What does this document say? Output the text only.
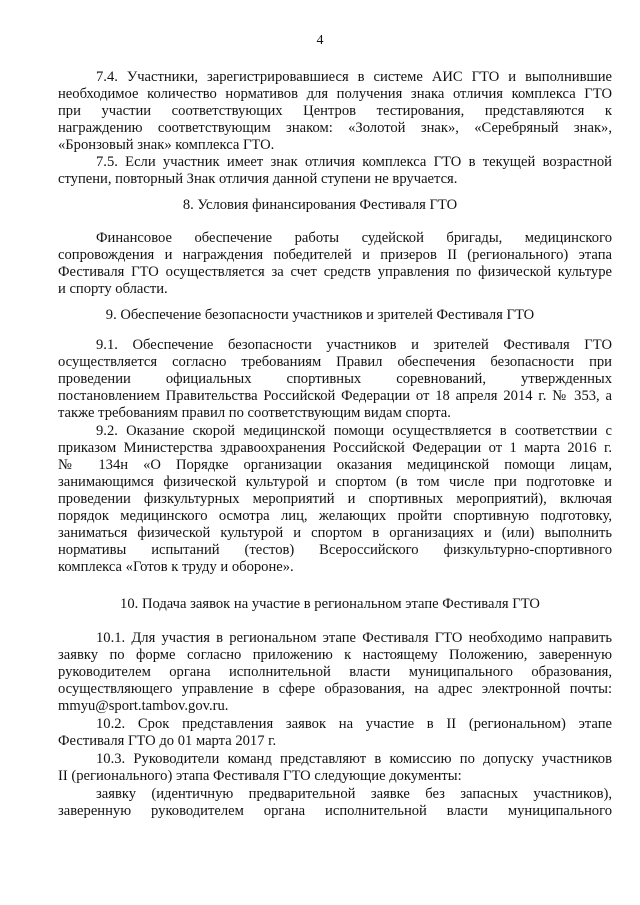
4
7.4. Участники, зарегистрировавшиеся в системе АИС ГТО и выполнившие
необходимое количество нормативов для получения знака отличия комплекса ГТО
при участии соответствующих Центров тестирования, представляются к
награждению соответствующим знаком: «Золотой знак», «Серебряный знак»,
«Бронзовый знак» комплекса ГТО.
7.5. Если участник имеет знак отличия комплекса ГТО в текущей возрастной
ступени, повторный Знак отличия данной ступени не вручается.
8. Условия финансирования Фестиваля ГТО
Финансовое обеспечение работы судейской бригады, медицинского
сопровождения и награждения победителей и призеров II (регионального) этапа
Фестиваля ГТО осуществляется за счет средств управления по физической культуре
и спорту области.
9. Обеспечение безопасности участников и зрителей Фестиваля ГТО
9.1. Обеспечение безопасности участников и зрителей Фестиваля ГТО
осуществляется согласно требованиям Правил обеспечения безопасности при
проведении официальных спортивных соревнований, утвержденных
постановлением Правительства Российской Федерации от 18 апреля 2014 г. № 353, а
также требованиям правил по соответствующим видам спорта.
9.2. Оказание скорой медицинской помощи осуществляется в соответствии с
приказом Министерства здравоохранения Российской Федерации от 1 марта 2016 г.
№ 134н «О Порядке организации оказания медицинской помощи лицам,
занимающимся физической культурой и спортом (в том числе при подготовке и
проведении физкультурных мероприятий и спортивных мероприятий), включая
порядок медицинского осмотра лиц, желающих пройти спортивную подготовку,
заниматься физической культурой и спортом в организациях и (или) выполнить
нормативы испытаний (тестов) Всероссийского физкультурно-спортивного
комплекса «Готов к труду и обороне».
10. Подача заявок на участие в региональном этапе Фестиваля ГТО
10.1. Для участия в региональном этапе Фестиваля ГТО необходимо направить
заявку по форме согласно приложению к настоящему Положению, заверенную
руководителем органа исполнительной власти муниципального образования,
осуществляющего управление в сфере образования, на адрес электронной почты:
mmyu@sport.tambov.gov.ru.
10.2. Срок представления заявок на участие в II (региональном) этапе
Фестиваля ГТО до 01 марта 2017 г.
10.3. Руководители команд представляют в комиссию по допуску участников
II (регионального) этапа Фестиваля ГТО следующие документы:
заявку (идентичную предварительной заявке без запасных участников),
заверенную руководителем органа исполнительной власти муниципального
